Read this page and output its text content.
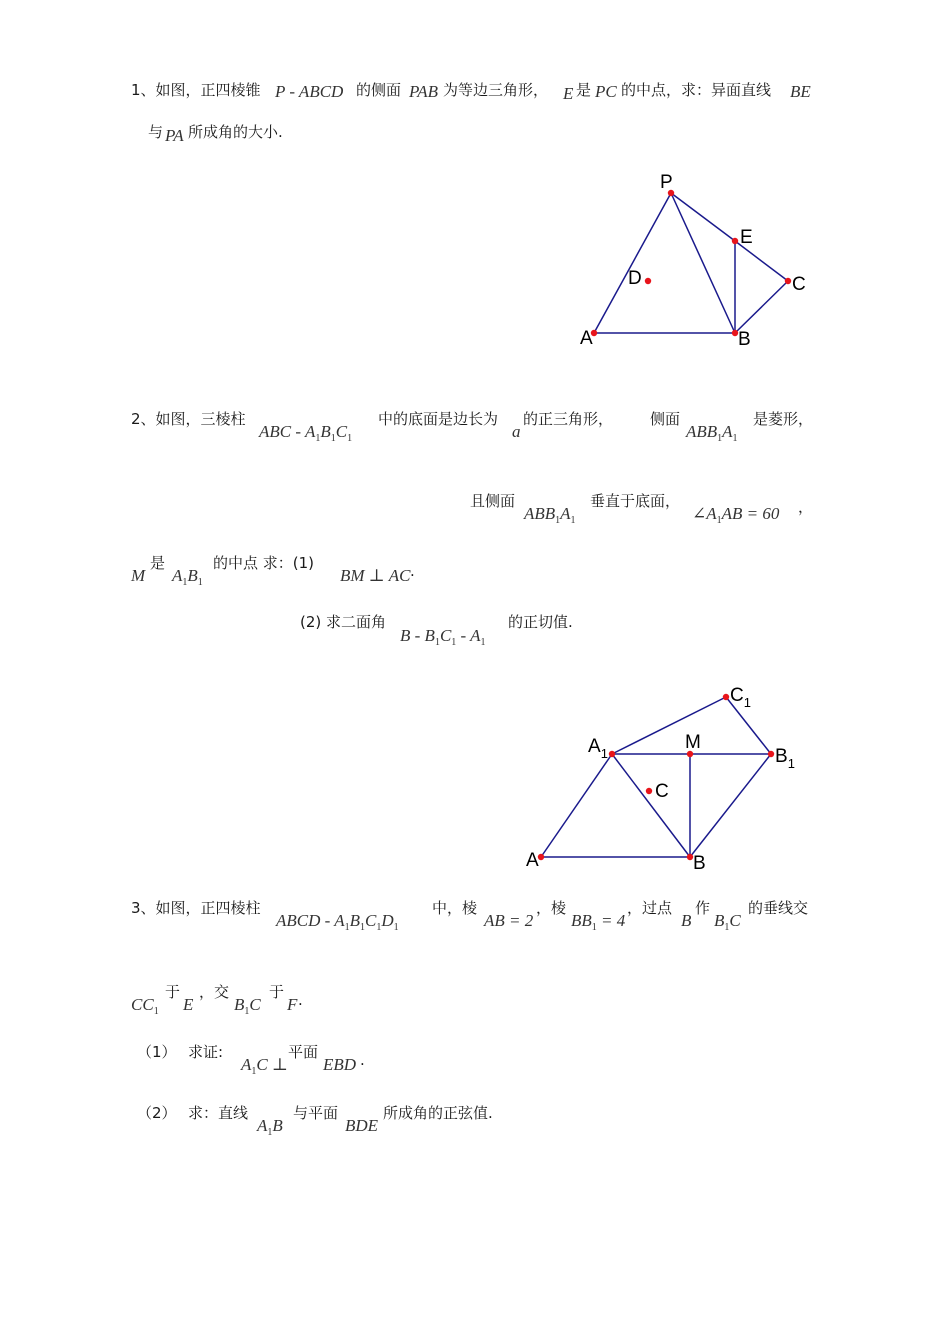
1、如图，正四棱锥 P - ABCD 的侧面 PAB 为等边三角形， E 是 PC 的中点，求：异面直线 BE
与 PA 所成角的大小.
P
E
D	C
A	B
2、如图，三棱柱
ABC - $A_1B_1C_1$
中的底面是边长为
a
的正三角形， 侧面
$ABB_1A_1$
是菱形，
且侧面
$ABB_1A_1$
垂直于底面，
$\angle A_1AB = 60$ ，
M
是
$A_1B_1$
的中点 求：(1)
BM ⊥ AC .
(2) 求二面角
B - $B_1C_1 - A_1$
的正切值.
$C_1$
$A_1$
M
$B_1$
C
A	B
3、如图，正四棱柱
ABCD - $A_1B_1C_1D_1$
中，棱
AB = 2
，棱
$BB_1 = 4$
，过点
B
作
$B_1C$
的垂线交
$CC_1$
于
E
，交
$B_1C$
于
F .
（1） 求证:
$A_1C$ ⊥
平面
EBD .
（2） 求：直线
$A_1B$
与平面
BDE
所成角的正弦值.
